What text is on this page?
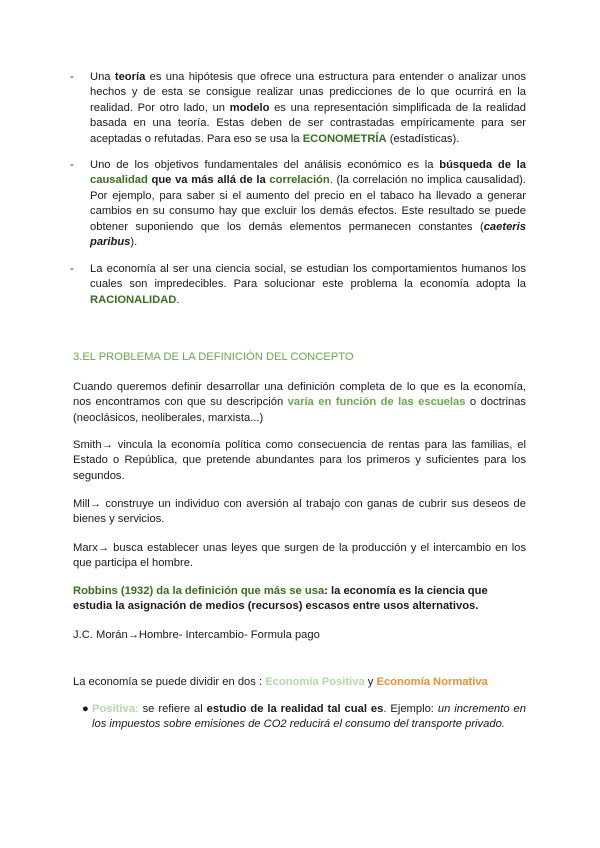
- Una teoría es una hipótesis que ofrece una estructura para entender o analizar unos hechos y de esta se consigue realizar unas predicciones de lo que ocurrirá en la realidad. Por otro lado, un modelo es una representación simplificada de la realidad basada en una teoría. Estas deben de ser contrastadas empíricamente para ser aceptadas o refutadas. Para eso se usa la ECONOMETRÍA (estadísticas).
- Uno de los objetivos fundamentales del análisis económico es la búsqueda de la causalidad que va más allá de la correlación. (la correlación no implica causalidad). Por ejemplo, para saber si el aumento del precio en el tabaco ha llevado a generar cambios en su consumo hay que excluir los demás efectos. Este resultado se puede obtener suponiendo que los demás elementos permanecen constantes (caeteris paribus).
- La economía al ser una ciencia social, se estudian los comportamientos humanos los cuales son impredecibles. Para solucionar este problema la economía adopta la RACIONALIDAD.
3.EL PROBLEMA DE LA DEFINICIÓN DEL CONCEPTO
Cuando queremos definir desarrollar una definición completa de lo que es la economía, nos encontramos con que su descripción varía en función de las escuelas o doctrinas (neoclásicos, neoliberales, marxista...)
Smith→ vincula la economía política como consecuencia de rentas para las familias, el Estado o República, que pretende abundantes para los primeros y suficientes para los segundos.
Mill→ construye un individuo con aversión al trabajo con ganas de cubrir sus deseos de bienes y servicios.
Marx→ busca establecer unas leyes que surgen de la producción y el intercambio en los que participa el hombre.
Robbins (1932) da la definición que más se usa: la economía es la ciencia que estudia la asignación de medios (recursos) escasos entre usos alternativos.
J.C. Morán→Hombre- Intercambio- Formula pago
La economía se puede dividir en dos : Economía Positiva y Economía Normativa
● Positiva: se refiere al estudio de la realidad tal cual es. Ejemplo: un incremento en los impuestos sobre emisiones de CO2 reducirá el consumo del transporte privado.
